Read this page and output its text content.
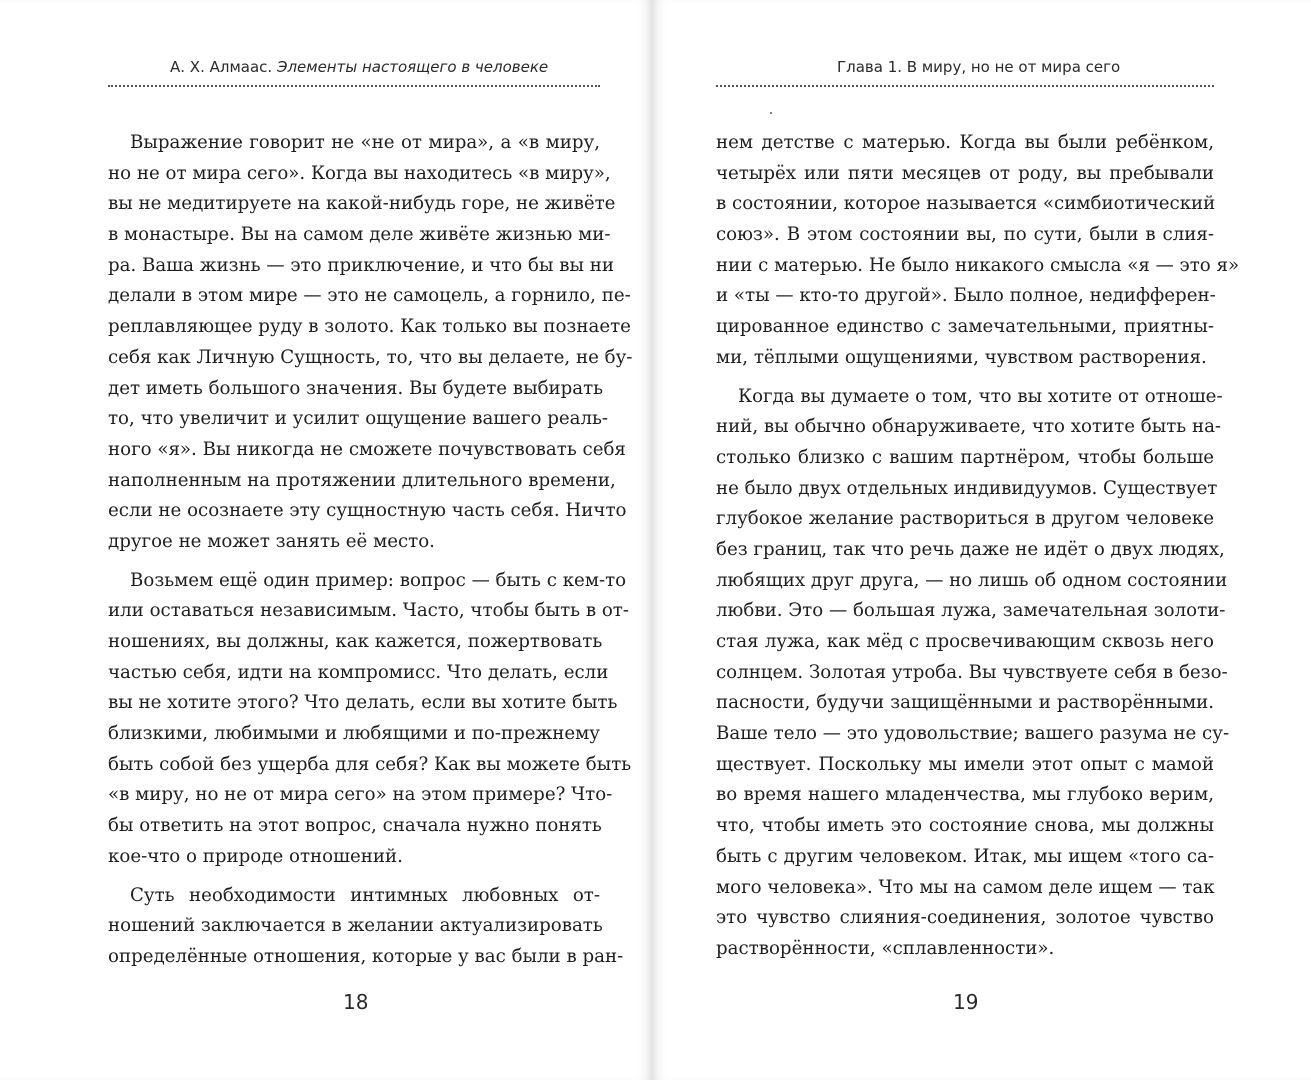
А. Х. Алмаас. Элементы настоящего в человеке
Выражение говорит не «не от мира», а «в миру,
но не от мира сего». Когда вы находитесь «в миру»,
вы не медитируете на какой-нибудь горе, не живёте
в монастыре. Вы на самом деле живёте жизнью ми-
ра. Ваша жизнь — это приключение, и что бы вы ни
делали в этом мире — это не самоцель, а горнило, пе-
реплавляющее руду в золото. Как только вы познаете
себя как Личную Сущность, то, что вы делаете, не бу-
дет иметь большого значения. Вы будете выбирать
то, что увеличит и усилит ощущение вашего реаль-
ного «я». Вы никогда не сможете почувствовать себя
наполненным на протяжении длительного времени,
если не осознаете эту сущностную часть себя. Ничто
другое не может занять её место.
Возьмем ещё один пример: вопрос — быть с кем-то
или оставаться независимым. Часто, чтобы быть в от-
ношениях, вы должны, как кажется, пожертвовать
частью себя, идти на компромисс. Что делать, если
вы не хотите этого? Что делать, если вы хотите быть
близкими, любимыми и любящими и по-прежнему
быть собой без ущерба для себя? Как вы можете быть
«в миру, но не от мира сего» на этом примере? Что-
бы ответить на этот вопрос, сначала нужно понять
кое-что о природе отношений.
Суть необходимости интимных любовных от-
ношений заключается в желании актуализировать
определённые отношения, которые у вас были в ран-
18
Глава 1. В миру, но не от мира сего
нем детстве с матерью. Когда вы были ребёнком,
четырёх или пяти месяцев от роду, вы пребывали
в состоянии, которое называется «симбиотический
союз». В этом состоянии вы, по сути, были в слия-
нии с матерью. Не было никакого смысла «я — это я»
и «ты — кто-то другой». Было полное, недифферен-
цированное единство с замечательными, приятны-
ми, тёплыми ощущениями, чувством растворения.
Когда вы думаете о том, что вы хотите от отноше-
ний, вы обычно обнаруживаете, что хотите быть на-
столько близко с вашим партнёром, чтобы больше
не было двух отдельных индивидуумов. Существует
глубокое желание раствориться в другом человеке
без границ, так что речь даже не идёт о двух людях,
любящих друг друга, — но лишь об одном состоянии
любви. Это — большая лужа, замечательная золоти-
стая лужа, как мёд с просвечивающим сквозь него
солнцем. Золотая утроба. Вы чувствуете себя в безо-
пасности, будучи защищёнными и растворёнными.
Ваше тело — это удовольствие; вашего разума не су-
ществует. Поскольку мы имели этот опыт с мамой
во время нашего младенчества, мы глубоко верим,
что, чтобы иметь это состояние снова, мы должны
быть с другим человеком. Итак, мы ищем «того са-
мого человека». Что мы на самом деле ищем — так
это чувство слияния-соединения, золотое чувство
растворённости, «сплавленности».
19
